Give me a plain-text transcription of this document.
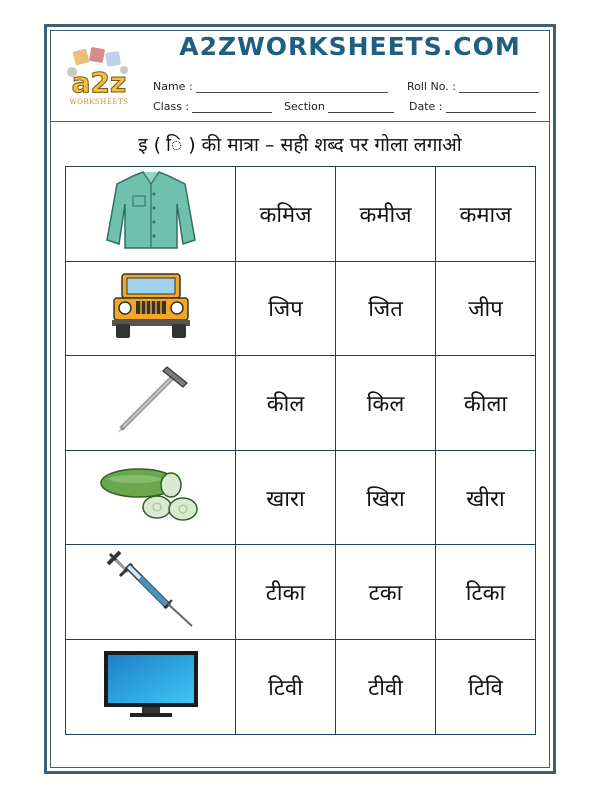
a2z
WORKSHEETS
A2ZWORKSHEETS.COM
Name :	Roll No. :
Class :	Section	Date :
इ ( ि ) की मात्रा – सही शब्द पर गोला लगाओ
	कमिज	कमीज	कमाज
	जिप	जित	जीप
	कील	किल	कीला
	खारा	खिरा	खीरा
	टीका	टका	टिका
	टिवी	टीवी	टिवि
